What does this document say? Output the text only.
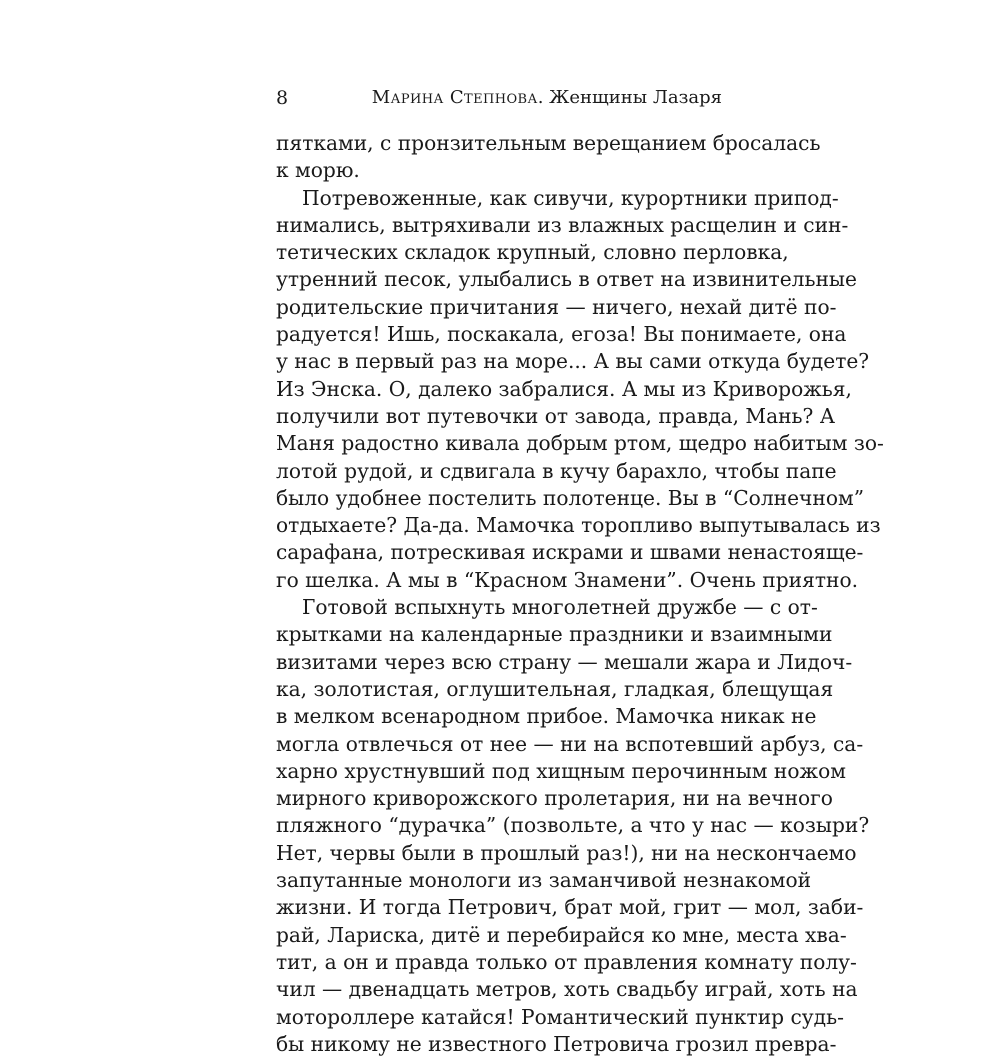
8	Марина Степнова. Женщины Лазаря
пятками, с пронзительным верещанием бросалась
к морю.
Потревоженные, как сивучи, курортники припод-
нимались, вытряхивали из влажных расщелин и син-
тетических складок крупный, словно перловка,
утренний песок, улыбались в ответ на извинительные
родительские причитания — ничего, нехай дитё по-
радуется! Ишь, поскакала, егоза! Вы понимаете, она
у нас в первый раз на море... А вы сами откуда будете?
Из Энска. О, далеко забралися. А мы из Криворожья,
получили вот путевочки от завода, правда, Мань? А
Маня радостно кивала добрым ртом, щедро набитым зо-
лотой рудой, и сдвигала в кучу барахло, чтобы папе
было удобнее постелить полотенце. Вы в “Солнечном”
отдыхаете? Да-да. Мамочка торопливо выпутывалась из
сарафана, потрескивая искрами и швами ненастояще-
го шелка. А мы в “Красном Знамени”. Очень приятно.
Готовой вспыхнуть многолетней дружбе — с от-
крытками на календарные праздники и взаимными
визитами через всю страну — мешали жара и Лидоч-
ка, золотистая, оглушительная, гладкая, блещущая
в мелком всенародном прибое. Мамочка никак не
могла отвлечься от нее — ни на вспотевший арбуз, са-
харно хрустнувший под хищным перочинным ножом
мирного криворожского пролетария, ни на вечного
пляжного “дурачка” (позвольте, а что у нас — козыри?
Нет, червы были в прошлый раз!), ни на нескончаемо
запутанные монологи из заманчивой незнакомой
жизни. И тогда Петрович, брат мой, грит — мол, заби-
рай, Лариска, дитё и перебирайся ко мне, места хва-
тит, а он и правда только от правления комнату полу-
чил — двенадцать метров, хоть свадьбу играй, хоть на
мотороллере катайся! Романтический пунктир судь-
бы никому не известного Петровича грозил превра-
